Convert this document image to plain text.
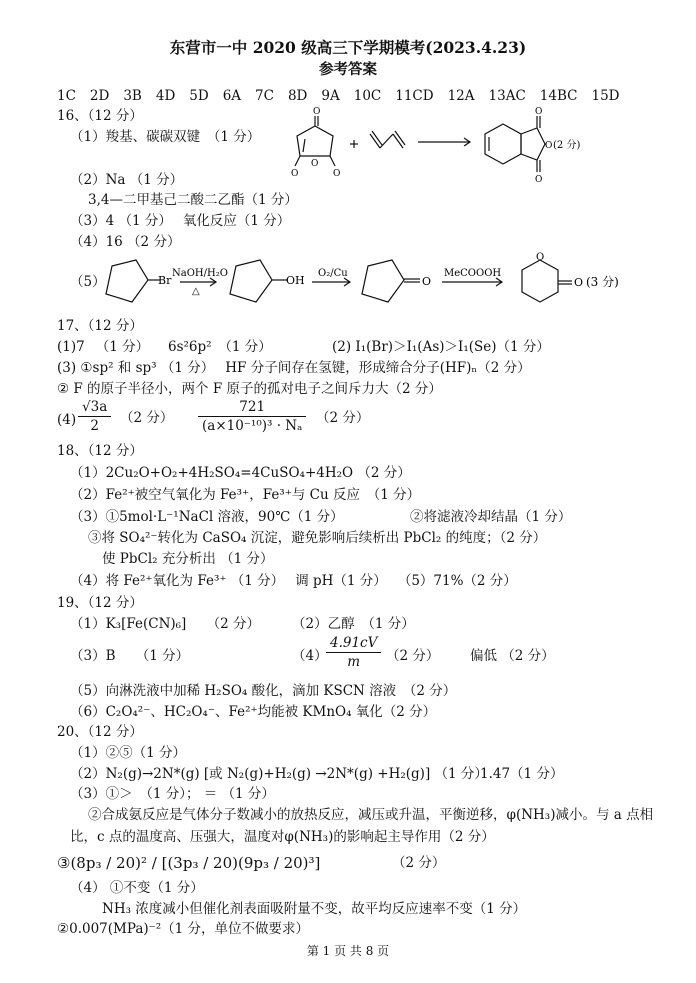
东营市一中 2020 级高三下学期模考(2023.4.23)
参考答案
1C 2D 3B 4D 5D 6A 7C 8D 9A 10C 11CD 12A 13AC 14BC 15D
16、（12 分）
（1）羧基、碳碳双键　（1 分）
O
O
O	O
O
O
O
(2 分)
（2）Na （1 分）
3,4—二甲基己二酸二乙酯（1 分）
（3）4 （1 分）　 氧化反应（1 分）
（4）16 （2 分）
（5）	Br
NaOH/H₂O
△
OH
O₂/Cu
O
MeCOOOH
O
O (3 分)
17、（12 分）
(1)7 　（1 分） 6s²6p²　（1 分）	(2) I₁(Br)＞I₁(As)＞I₁(Se)（1 分）
(3) ①sp² 和 sp³ （1 分）　 HF 分子间存在氢键，形成缔合分子(HF)ₙ（2 分）
② F 的原子半径小，两个 F 原子的孤对电子之间斥力大（2 分）
$(4) \frac{√3a}{2} (2$ 分） $\frac{721}{\text{(a×10⁻¹⁰)³ · Nₐ}} (2$ 分）
18、（12 分）
（1）2Cu₂O+O₂+4H₂SO₄=4CuSO₄+4H₂O （2 分）
（2）Fe²⁺被空气氧化为 Fe³⁺，Fe³⁺与 Cu 反应　（1 分）
（3）①5mol·L⁻¹NaCl 溶液，90℃（1 分）	②将滤液冷却结晶（1 分）
③将 SO₄²⁻转化为 CaSO₄ 沉淀，避免影响后续析出 PbCl₂ 的纯度；（2 分）
使 PbCl₂ 充分析出 （1 分）
（4）将 Fe²⁺氧化为 Fe³⁺ （1 分）　 调 pH（1 分）　 （5）71%（2 分）
19、（12 分）
（1）K₃[Fe(CN)₆]　　（2 分） （2）乙醇　（1 分）
（3）B　　（1 分）	（4）
$\frac{4.91cV}{m} (2$ 分） 偏低 （2 分）
（5）向淋洗液中加稀 H₂SO₄ 酸化，滴加 KSCN 溶液　（2 分）
（6）C₂O₄²⁻、HC₂O₄⁻、Fe²⁺均能被 KMnO₄ 氧化（2 分）
20、（12 分）
（1）②⑤（1 分）
（2）N₂(g)→2N*(g) [或 N₂(g)+H₂(g) →2N*(g) +H₂(g)] （1 分）
1.47（1 分）
（3）①＞　（1 分）； ＝ （1 分）
②合成氨反应是气体分子数减小的放热反应，减压或升温，平衡逆移，φ(NH₃)减小。与 a 点相
比，c 点的温度高、压强大，温度对φ(NH₃)的影响起主导作用（2 分）
③(8p₃ / 20)² / [(3p₃ / 20)(9p₃ / 20)³]	（2 分）
（4） ①不变（1 分）
NH₃ 浓度减小但催化剂表面吸附量不变，故平均反应速率不变（1 分）
②0.007(MPa)⁻²（1 分，单位不做要求）
第 1 页 共 8 页
